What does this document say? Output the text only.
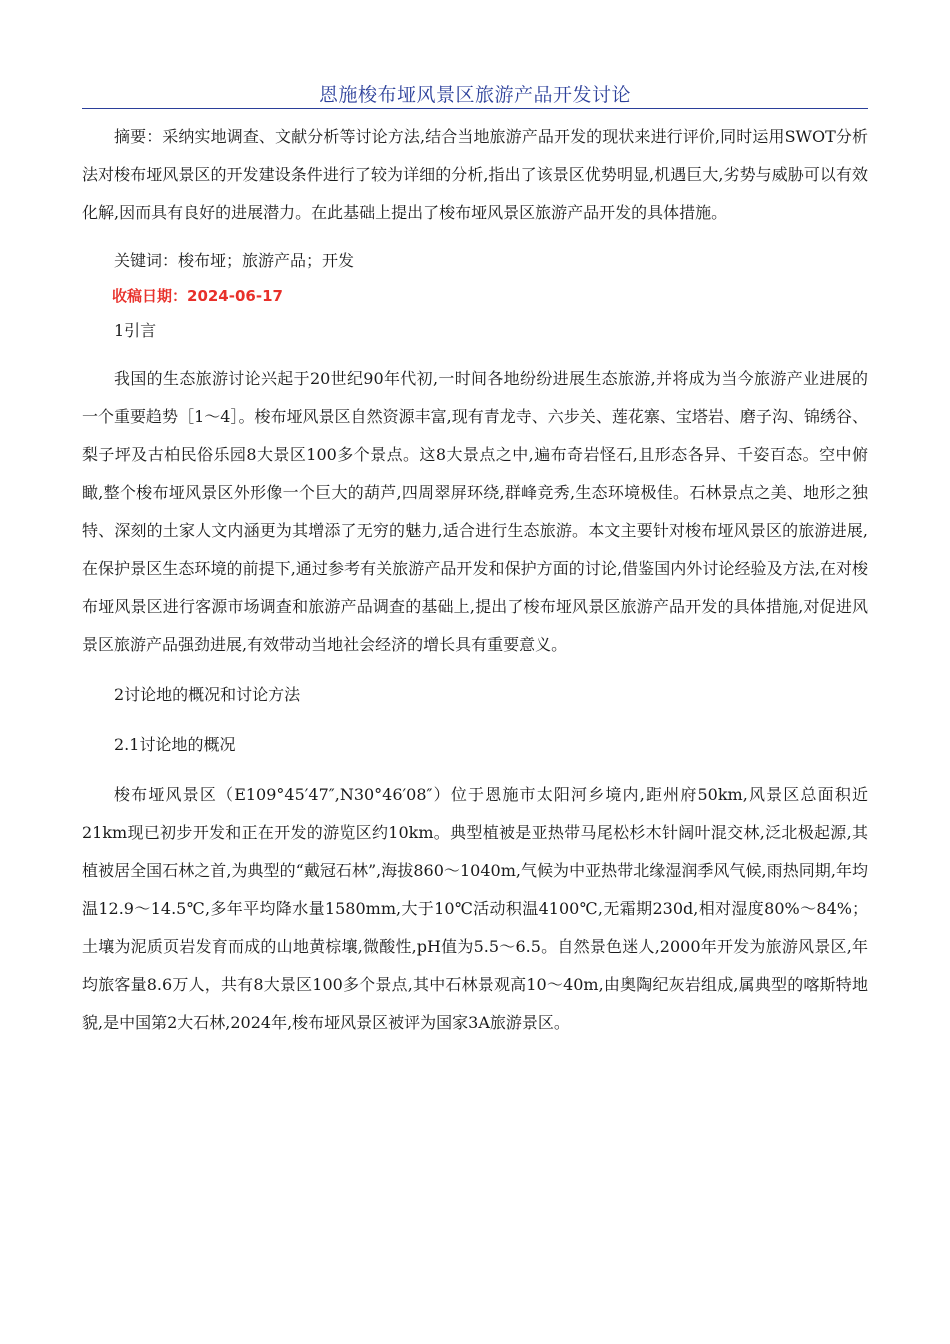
恩施梭布垭风景区旅游产品开发讨论

摘要：采纳实地调查、文献分析等讨论方法,结合当地旅游产品开发的现状来进行评价,同时运用SWOT分析法对梭布垭风景区的开发建设条件进行了较为详细的分析,指出了该景区优势明显,机遇巨大,劣势与威胁可以有效化解,因而具有良好的进展潜力。在此基础上提出了梭布垭风景区旅游产品开发的具体措施。

关键词：梭布垭；旅游产品；开发

收稿日期：2024-06-17

1引言

我国的生态旅游讨论兴起于20世纪90年代初,一时间各地纷纷进展生态旅游,并将成为当今旅游产业进展的一个重要趋势［1～4］。梭布垭风景区自然资源丰富,现有青龙寺、六步关、莲花寨、宝塔岩、磨子沟、锦绣谷、梨子坪及古柏民俗乐园8大景区100多个景点。这8大景点之中,遍布奇岩怪石,且形态各异、千姿百态。空中俯瞰,整个梭布垭风景区外形像一个巨大的葫芦,四周翠屏环绕,群峰竞秀,生态环境极佳。石林景点之美、地形之独特、深刻的土家人文内涵更为其增添了无穷的魅力,适合进行生态旅游。本文主要针对梭布垭风景区的旅游进展,在保护景区生态环境的前提下,通过参考有关旅游产品开发和保护方面的讨论,借鉴国内外讨论经验及方法,在对梭布垭风景区进行客源市场调查和旅游产品调查的基础上,提出了梭布垭风景区旅游产品开发的具体措施,对促进风景区旅游产品强劲进展,有效带动当地社会经济的增长具有重要意义。

2讨论地的概况和讨论方法

2.1讨论地的概况

梭布垭风景区（E109°45′47″,N30°46′08″）位于恩施市太阳河乡境内,距州府50km,风景区总面积近21km现已初步开发和正在开发的游览区约10km。典型植被是亚热带马尾松杉木针阔叶混交林,泛北极起源,其植被居全国石林之首,为典型的“戴冠石林”,海拔860～1040m,气候为中亚热带北缘湿润季风气候,雨热同期,年均温12.9～14.5℃,多年平均降水量1580mm,大于10℃活动积温4100℃,无霜期230d,相对湿度80%～84%；土壤为泥质页岩发育而成的山地黄棕壤,微酸性,pH值为5.5～6.5。自然景色迷人,2000年开发为旅游风景区,年均旅客量8.6万人，共有8大景区100多个景点,其中石林景观高10～40m,由奥陶纪灰岩组成,属典型的喀斯特地貌,是中国第2大石林,2024年,梭布垭风景区被评为国家3A旅游景区。
